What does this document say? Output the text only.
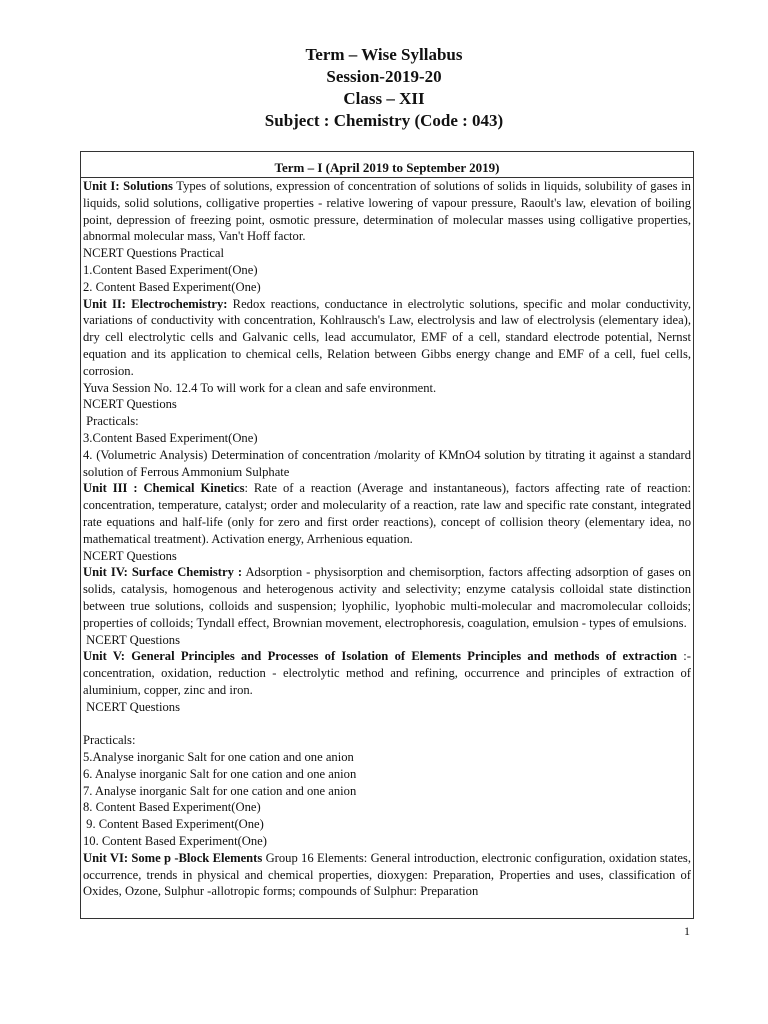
Term – Wise Syllabus
Session-2019-20
Class – XII
Subject : Chemistry (Code : 043)
Term – I (April 2019 to September 2019)

Unit I: Solutions Types of solutions, expression of concentration of solutions of solids in liquids, solubility of gases in liquids, solid solutions, colligative properties - relative lowering of vapour pressure, Raoult's law, elevation of boiling point, depression of freezing point, osmotic pressure, determination of molecular masses using colligative properties, abnormal molecular mass, Van't Hoff factor.

NCERT Questions Practical

1.Content Based Experiment(One)

2. Content Based Experiment(One)

Unit II: Electrochemistry: Redox reactions, conductance in electrolytic solutions, specific and molar conductivity, variations of conductivity with concentration, Kohlrausch's Law, electrolysis and law of electrolysis (elementary idea), dry cell electrolytic cells and Galvanic cells, lead accumulator, EMF of a cell, standard electrode potential, Nernst equation and its application to chemical cells, Relation between Gibbs energy change and EMF of a cell, fuel cells, corrosion.

Yuva Session No. 12.4 To will work for a clean and safe environment.

NCERT Questions

Practicals:

3.Content Based Experiment(One)

4. (Volumetric Analysis) Determination of concentration /molarity of KMnO4 solution by titrating it against a standard solution of Ferrous Ammonium Sulphate

Unit III : Chemical Kinetics: Rate of a reaction (Average and instantaneous), factors affecting rate of reaction: concentration, temperature, catalyst; order and molecularity of a reaction, rate law and specific rate constant, integrated rate equations and half-life (only for zero and first order reactions), concept of collision theory (elementary idea, no mathematical treatment). Activation energy, Arrhenious equation.

NCERT Questions

Unit IV: Surface Chemistry : Adsorption - physisorption and chemisorption, factors affecting adsorption of gases on solids, catalysis, homogenous and heterogenous activity and selectivity; enzyme catalysis colloidal state distinction between true solutions, colloids and suspension; lyophilic, lyophobic multi-molecular and macromolecular colloids; properties of colloids; Tyndall effect, Brownian movement, electrophoresis, coagulation, emulsion - types of emulsions.

NCERT Questions

Unit V: General Principles and Processes of Isolation of Elements Principles and methods of extraction :- concentration, oxidation, reduction - electrolytic method and refining, occurrence and principles of extraction of aluminium, copper, zinc and iron.

NCERT Questions

Practicals:

5.Analyse inorganic Salt for one cation and one anion

6. Analyse inorganic Salt for one cation and one anion

7. Analyse inorganic Salt for one cation and one anion

8. Content Based Experiment(One)

9. Content Based Experiment(One)

10. Content Based Experiment(One)

Unit VI: Some p -Block Elements Group 16 Elements: General introduction, electronic configuration, oxidation states, occurrence, trends in physical and chemical properties, dioxygen: Preparation, Properties and uses, classification of Oxides, Ozone, Sulphur -allotropic forms; compounds of Sulphur: Preparation

1
